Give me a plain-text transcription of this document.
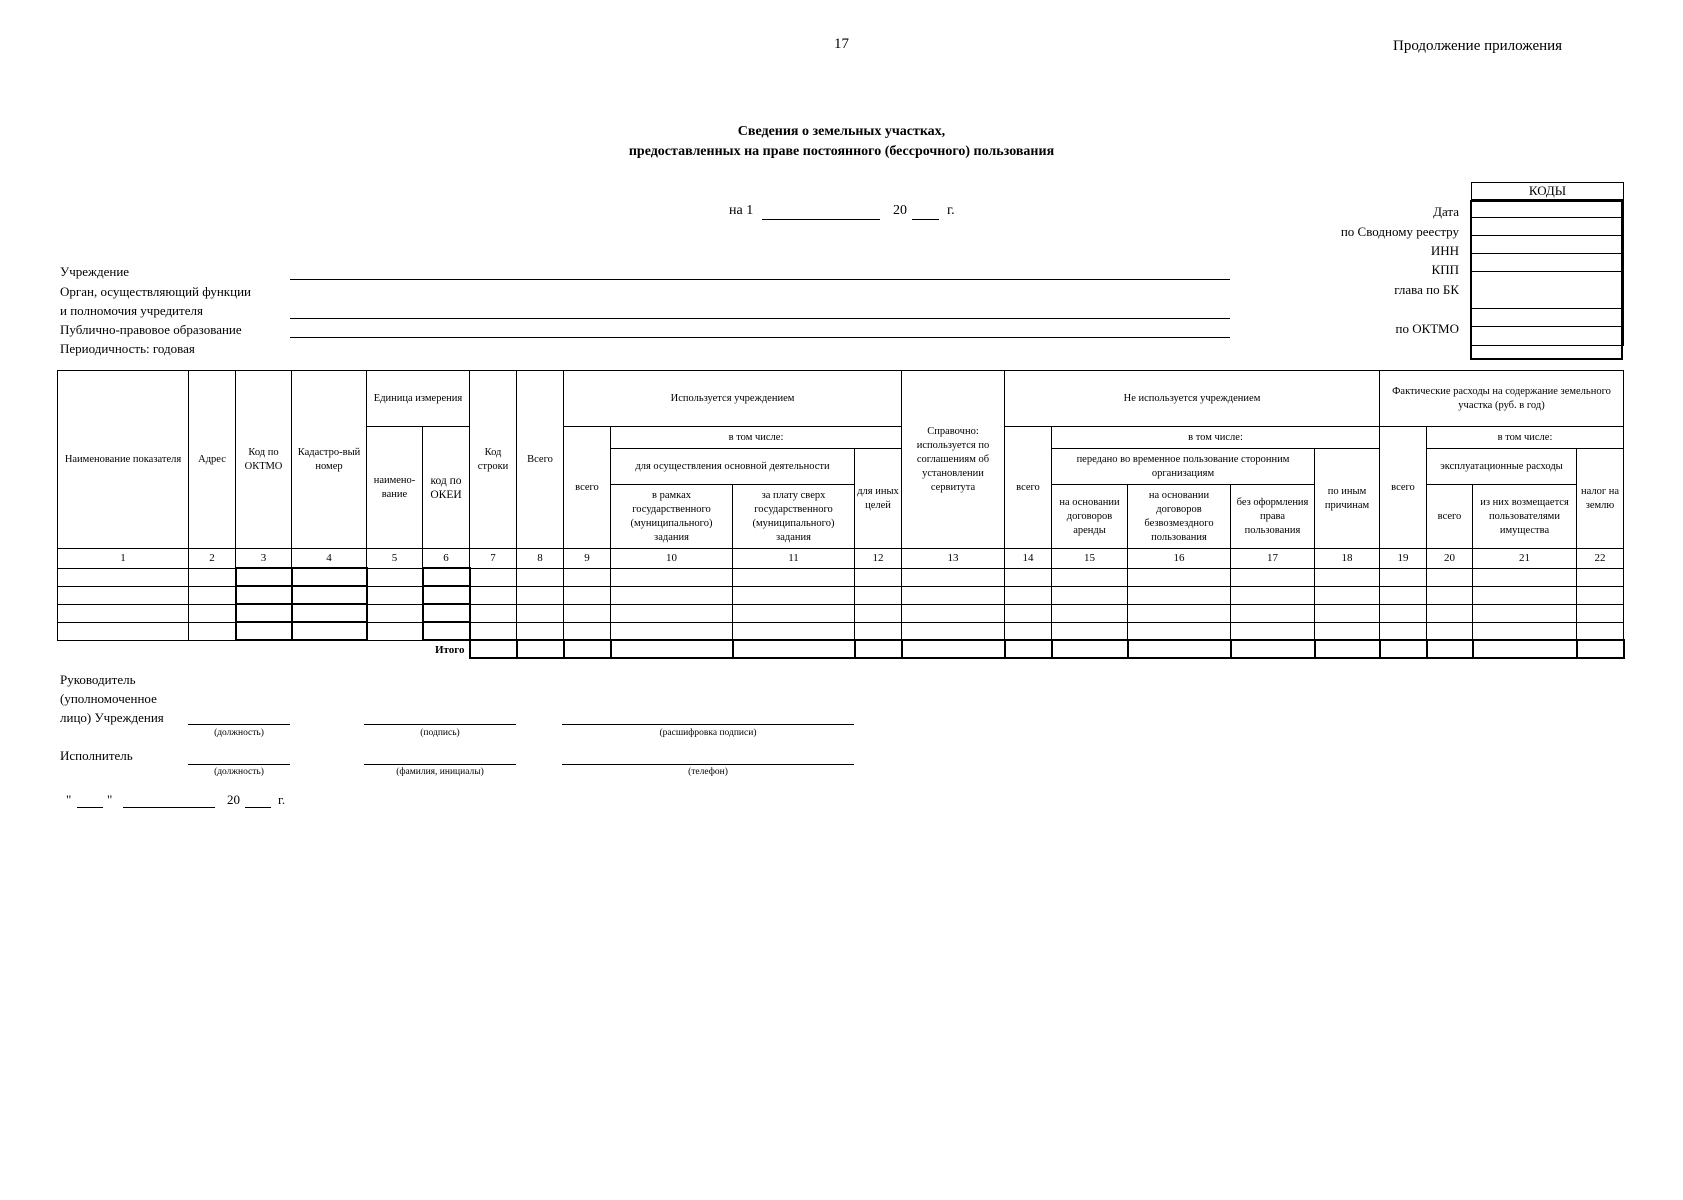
17	Продолжение приложения
Сведения о земельных участках,
предоставленных на праве постоянного (бессрочного) пользования
на 1	20	г.
КОДЫ

Дата
по Сводному реестру
ИНН
КПП
глава по БК
по ОКТМО
Учреждение
Орган, осуществляющий функции
и полномочия учредителя
Публично-правовое образование
Периодичность: годовая
Наименование показателя	Адрес	Код по ОКТМО	Кадастро-вый номер	Единица измерения		Код строки	Всего	Используется учреждением				Справочно: используется по соглашениям об установлении сервитута	Не используется учреждением					Фактические расходы на содержание земельного участка (руб. в год)			
				наимено-вание	код по ОКЕИ			всего	в том числе:				всего	в том числе:				всего	в том числе:		
									для осуществления основной деятельности		для иных целей			передано во временное пользование сторонним организациям			по иным причинам		эксплуатационные расходы		налог на землю
									в рамках государственного (муниципального) задания	за плату сверх государственного (муниципального) задания				на основании договоров аренды	на основании договоров безвозмездного пользования	без оформления права пользования			всего	из них возмещается пользователями имущества	
1	2	3	4	5	6	7	8	9	10	11	12	13	14	15	16	17	18	19	20	21	22

					Итого																
Руководитель
(уполномоченное
лицо) Учреждения
(должность)	(подпись)	(расшифровка подписи)
Исполнитель
(должность)	(фамилия, инициалы)	(телефон)
"	"	20	г.
